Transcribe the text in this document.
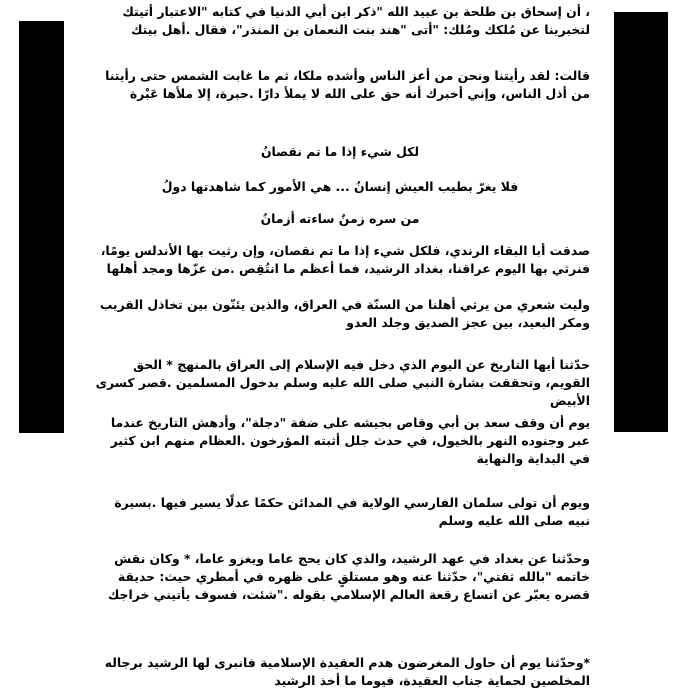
، أن إسحاق بن طلحة بن عبيد الله "ذكر ابن أبي الدنيا في كتابه "الاعتبار أتيتك لتخبرينا عن مُلكك ومُلك: "أتى "هند بنت النعمان بن المنذر"، فقال .أهل بيتك

قالت: لقد رأيتنا ونحن من أعز الناس وأشده ملكا، ثم ما غابت الشمس حتى رأيتنا من أذل الناس، وإني أخبرك أنه حق على الله لا يملأ دارًا .حبرة، إلا ملأها عَبْرة

لكل شيء إذا ما تم نقصانُ

فلا يغرّ بطيب العيش إنسانُ ... هي الأمور كما شاهدتها دولُ

من سره زمنٌ ساءته أزمانُ

صدقت أبا البقاء الرندي، فلكل شيء إذا ما تم نقصان، وإن رثيت بها الأندلس يومًا، فنرثي بها اليوم عراقنا، بغداد الرشيد، فما أعظم ما انتُقِص .من عزّها ومجد أهلها

وليت شعري من يرثي أهلنا من السنّة في العراق، والذين يئنّون بين تخاذل القريب ومكر البعيد، بين عجز الصديق وجلد العدو

حدّثنا أيها التاريخ عن اليوم الذي دخل فيه الإسلام إلى العراق بالمنهج * الحق القويم، وتحققت بشارة النبي صلى الله عليه وسلم بدخول المسلمين .قصر كسرى الأبيض

يوم أن وقف سعد بن أبي وقاص بجيشه على ضفة "دجلة"، وأدهش التاريخ عندما عبر وجنوده النهر بالخيول، في حدث جلل أثبته المؤرخون .العظام منهم ابن كثير في البداية والنهاية

ويوم أن تولى سلمان الفارسي الولاية في المدائن حكمًا عدلًا يسير فيها .بسيرة نبيه صلى الله عليه وسلم

وحدّثنا عن بغداد في عهد الرشيد، والذي كان يحج عاما ويغزو عاما، * وكان نقش خاتمه "بالله ثقتي"، حدّثنا عنه وهو مستلقٍ على ظهره في أمطري حيث: حديقة قصره يعبّر عن اتساع رقعة العالم الإسلامي بقوله ."شئت، فسوف يأتيني خراجك

*وحدّثنا يوم أن حاول المغرضون هدم العقيدة الإسلامية فانبرى لها الرشيد برجاله المخلصين لحماية جناب العقيدة، فيوما ما أخذ الرشيد
